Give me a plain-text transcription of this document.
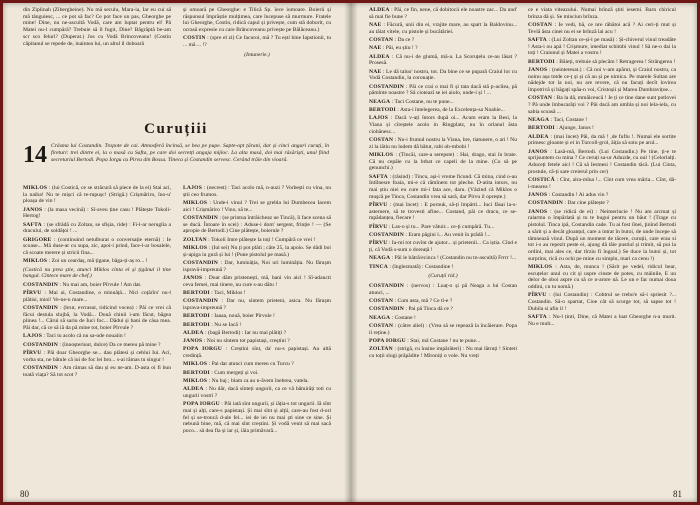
din Ziplinah (Zibergheine). Nu mă seculu, Mara-ia, Iar eu cui să mă tânguiesc, ... ce pot să fac? Ce pot face un pas, Gheorghe pe mine! Dine, nu ne-ascultă Vodă, care am luptat pentru el! Pă Matei nu-l cumpără? Trebuie să îl fugit, Dine? Bâgrăptă be-am scr sco feluri? (Duperat.) Jos cu Vodă Brincoveanu! (Costin căpitanul se repede de, inaintea lui, un altul il doboară

și omoară pe Gheorghe: e Tilică Sp. îece iomoare. Boierii și răspunsul împrăștie mulțimea, care începuse să murmure. Fratele lui Gheorghe, Costin, ridică capul și privește, cum stă doborit, cu ocrasă expresie cu care Brâncoveanu privește pe Bălăceanu.)

COSTIN : (spre el zi) Ce facuroi, mă ? Tu ești bine Iapstionii, tu ... mă ... !?

(Intunerie.)

Curuțiii
14 Crâsma lui Costandin. Tropote de cai. Atmosferă încinsă, se bea pe pupe. Sapte-opt țărani, dar și cinci angari curuți, în fireturi: trei dintre ei, la o masă cu Safta, pe care doi secretți angaja mijloc. La alta masă, doi mai răsăriști, unul fiind secretariul Bertodi. Popa Iorgu cu Pirvu din Bossa. Tineca și Costandin servesc. Cerând trăie din vioară.

MIKLOS : (lui Costică, ce se străcură să piece de la ei) Stai aci, la naiba! Nu te mișci că te-mpușc! (Strigă.) Crișmăriro, îno-u' ploașa de vin !

JANOS : (la masa vecină) : Sî-aveu ține casu ! Plătește Tokoli-Hertog!

SAFTA : (se sfrădă cu Zoltan, se sfișia, ride) : Fi-l-ar neruglia a dracului, de soldățoi ! ...

GRIGORE : (continuind netulburat o conversație eternă) : Ie scoase... Mă duse-ar cu supa, zic, apoi-i prind, face-l-ar bosalele, că scoate merere și stricii fina...

MIKLOS : Zoi un ceardaș, mă țigane, bâga-ți-aș ro... !

(Costică nu prea știe, atunci Miklos cînta el și țigănul il tine bangul. Cîntece mare de chef.)

COSTANDIN : Nu mai am, boier Pîrvule ! Am dat.

PÎRVU : Mai ai, Costandine, o minuăță... Nici coțărîrs' nu-l plătisi, mioi! Ve-ne-n mare...

COSTANDIN : (brut, evrrasut, ridicind vocea) : Păi ce vrei că făcui destula slujbă, la Vodă... Două chinii i-am făcut, băgea plinea !... Cărui să sariu de Iuci foc... Dădui și bani de căsa mea. Păi dar, că ce să iă da pă mine tot, boier Pîrvule ?

LAJOS : Taci tu acolo că nu sa-ude nouaiin !

COSTANDIN : (înnoșteriuut, dulce) Da ce mereu pă mine ?

PÎRVU : Păi doar Gheorghe se... dau plătesi și ceblui Iui. Aci, vorba sta, ne bătule că iui de foc lei bro... s-ai rămas tu singur !

COSTANDIN : Am rămas să dau și eu ne-am. D-asta oi fi bun toată viața? Să tot scot ?

LAJOS : (necrest) : Taci acolo mă, n-auzi ? Vorbești cu vina, nu știi ceo frumos.

MIKLOS : Unde-i vinul ? Trei se grebla lui Dumbecea Iacem aici ! Crișmăriro ! Vino, să te...

COSTANDIN : (se printua întrăicheaz ue Tincă), îi face scena să se ducă. Întoare în scei) : Aduse-i dom' sergent, frinție ! — (Se apropie de Bertodi.) Cine plătește, boierule ?

ZOLTAN : Tokoli Imre plătește la toți ! Cumpără ce vrei !

MIKLOS : (Iul sei) Nu ți pot plăti ; câte 25, la apoio. Se dădi boi și-apiga iu gură și lui ! (Pune pistolul pe masă.)

COSTANDIN : Dar, luminăția, Noi uri luminăția. Nu fărușm ispravă-impreună ?

JANOS : Doar dăm pristenești, mă, bani vin aici ! Sî-adaucti ceva femei, mai tinere, nu cure s-au dătu !

BERTODI : Taci, Miklos !

COSTANDIN : Dar nu, sintem prieteni, asica. Nu fărușm isprava-impreună ?

BERTODI : Iaaaa, nouă, boier Pîrvule !

BERTODI : Nu se Iacă !

ALDEA : (bagă Bertodi) : Iar nu mai plătiți ?

JANOS : Noi nu sîntem tot papistași, creștini ?

POPA IORGU : Creștini sînt, da' nu-s papistași. Au altă credință.

MIKLOS : Pai dar atunci cum mereu cu Turcu ?

BERTODI : Cum mergeți și voi.

MIKLOS : Nu baj ; blam ca au n-ăvem înebrea, vatela.

ALDEA : Nu dăr, dacă sînteți ungurii, ca ce vă bătuirăți toti cu ungurii vostri ?

POPA IORGU : Păi iată sînt ungurii, și iăția-s tot ungurii. Iă sînt mai și alți, care-s papistași. Și mai sînt și alții, care-au fost d-ori fel și se-troncă d-ale fel... iei de iei nu mai ști sine ce sine. Și nebună bine, mă, că mai sînt creștini. Și vodă venit să mai sacă poco... să dea fla și iar și, iăia primăvară...

80

ALDEA : Păi, ce fin, nene, că dobitocii ele noastre zac... Da und' să mai fie bune ?

NAE : Făcură, unii din ei, vrajite mare, au spart la Baldovinu... au tăiat vitele, cu pistole și bucătăriei.

COSTAN : Da ce ?

NAE : Păi, eu știu ! ?

ALDEA : Că nu-i de glumă, mă-a. La Scoruțelu ce-au lăsat ? Prosesă.

NAE : Le dă taluo' nostru, tot. Da bine ce se pupară Craiul lor cu Vodă Costandin, la coronație.

COSTANDIN : Păi ce crai o mai fi și tata dacă stă p-acilea, pă pămînte noastre ? Să cioteazî se iei aiolo, unde-i și ! ...

NEAGA : Taci Costane, nu te pune...

BERTODI : Asta-i întelegerea, de la Excelența-sa Noahie...

LAJOS : Dacă v-ați întors dupâ oi... Acum eram la Besi, la Viana și cîreștele acolo in Ringplatz, nu în orlanul ăsta ciobănesc...

COSTAN : Nu-i frumul nostru la Viana, bre, tiatunere, o ari ! Nu zi la iătiu nu ludem dă bătut, rabi ob-mbobi !

MIKLOS : (Tincăi, care-a serepste) : Hai, drago, stai în brate. Că nu cepăle cu la brbat ce capeli de la mine. (Cu să pe genunchi.)

SAFTA : (râsind) : Tincu, ași-i vreme ficund. Că mina, cind o-au Intîlnesre foaia, mi-e că rămînem tot pleche. D-atita intors, nu mai știu niei eu cure mi-i fata ace, daru. (Vâzind că Miklos o muşcă pe Tinca, Costandin vrea să sară, dar Pîrvu il oprește.)

PÎRVU : (mai încet) : E pornuk, să-ți împărti... Iuci făsai la-s-asternere, să te trovesti afine... Costand, păi ce dracu, ce se-mpădanțea, fiecare !

PÎRVU : Las-o și tu... Pare vătuir... ce-ți cumpără. Tu...

COSTANDIN : Eram păgini l... Au venit în prădă !...

PÎRVU : Ia-mi tot cuvînt de ajutor... și prietenii... Ca iștia. Cînd e ți, că Vodă s-sum o doreață !

NEAGA : Păi le bătră/ecinca ! (Costandin nu tn-ascultă) Frrrr !...

TINCA : (înglezmată) : Costandine !

(Curuții rid.)

COSTANDIN : (nervos) : Luaț-o și pă Neaga a lui Costan atunci, ...

COSTAN : Cum asta, mă ? Ce tî-e ?

COSTANDIN : Pai pă Tinca dă ce ?

NEAGA : Costane !

COSTAN : (către aliel) : (Vrea să se repează la încăierare. Popa il reține.)

POPA IORGU : Stai, mă Costane ! nu te pune...

ZOLTAN : (strigă, cu însine impărăteri) : Nu mai lătruți ! Sinteti cu toții slugi prăpădite ! Mîroniți o vole. Nu vreți

ce e viata viteazului. Numai brînză știti iesemi. Barn chiricul brînza dă și. Se minciun brînza.

COSTAN : Ie vedi, bă, ce nre răbătoi acă ? Ai ceri-ți mut și Tevlă ăsta cinei nu ei se brînză lai acu !

SAFTA : (Lui Zoltan ce-și-l pe masă) : Și-chiverul vinul treadăte ! Asta-i ou apă ! Crișmure, imediat schimbi vinul ! Să ne-o dai la toți ! Craiunul și Matei a vostru !

BERTODI : Băieți, trebuie să plecăm ! Retragerea ! Strângerea !

JANOS : (neinteresat.) : Că noi v-am apărut, și Craiul nostru, ca noinu așa totde ce-ț și și că au și pe nimica. Pe marele Sultan are nădejde tot la noi, nu are revere, că nu facuți decît lovirea împotrivă și băgați spăa-n voi, Cristoșii și Marea Dumbravițoe...

COSTAN : Ba la dâ, mmăiceucă ! Je ți ce tine dane sunt potlovei ? Pă unde îmbucarăți voi ? Păi dacă am umbla și noi lela-iela, cu sabia scoasă ...

NEAGA : Taci, Costane !

BERTODI : Ajunge, Janos !

ALDEA : (mai încet) Păi, da mă ! ,de fuflu !. Numai ele sortite primesc gloante și ei in Turcoll-grol, ăiția să sotu pe arul...

JANOS : Lasă-mă, Bertodi. (Lui Costandin.) Pe tine, ți-e te sprijsuntem cu mina ? Ce ceruți sa-ur Aduzde, cu oul ! (Celorlalți. Aduceți fetele aici ! Că să Iesmesi ! Costandin tăcă. (Lui Cinta, prostule, că-ți sare creierul prin cer)

COSTICĂ : Cînt, alra-mîna !... Cînt cum vrea măria... Cînt, dă-i-mearea !

JANOS : Costandin ! Ai adus vin ?

COSTANDIN : Dar cine plătește ?

JANOS : (se ridică de ei) : Neimerincie ! Nu am arcmat și ralarmu o împărlată și tu te bugui pentru un băut ! (Trage cu pistolul. Tinca ipă, Costandin cade. Tu ai fost iînei, ţinînd Bertodi a sărit și a decăt gloanțul, care a intrat în butoi, de unde începe să tâmnează vinul. După un moment de tăcere, curuții, care erau si tot i-s au repezit peste ei, ajung dă tăie pustiul și trimit, să pui la ordini, mai ales ce, dar tîrziu fi îngoal.) Se duce la butoi și, tot surprins, rică cu ochi pe mine cu simplu, mari ca cenu !)

MIKLOS : Asta, de, munca ! (Sărit pe vedel, ridicul bear, escuțelor unul cu cit și uspre cinste de potes, cu mâinile, E un delor de oboi aspre cu să ce n-arore nă. Le un e fac numai doua oddini, cu tu nomă.)

PÎRVU : (lui Costandin) : Cobtrul se trebo'e să-i spriesit ?... Costandin. Să-o spartat, Cioe cât să scurge tot, să sapse tot ! Dubila si afin il !

SAFTA : Nu-l ținti, Dine, că Matei a luat Gheorghe n-a murit. Nu e mult...

81
